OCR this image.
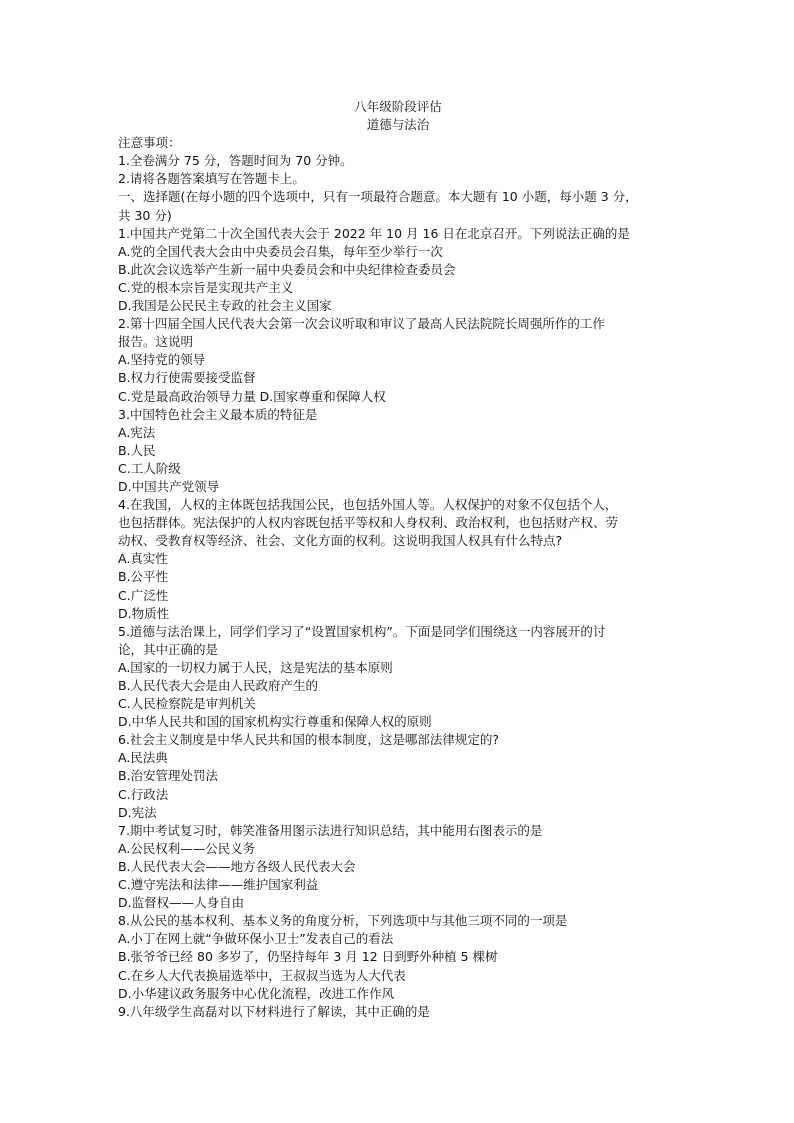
八年级阶段评估
道德与法治
注意事项：
1.全卷满分 75 分，答题时间为 70 分钟。
2.请将各题答案填写在答题卡上。
一、选择题(在每小题的四个选项中，只有一项最符合题意。本大题有 10 小题，每小题 3 分，
共 30 分)
1.中国共产党第二十次全国代表大会于 2022 年 10 月 16 日在北京召开。下列说法正确的是
A.党的全国代表大会由中央委员会召集，每年至少举行一次
B.此次会议选举产生新一届中央委员会和中央纪律检查委员会
C.党的根本宗旨是实现共产主义
D.我国是公民民主专政的社会主义国家
2.第十四届全国人民代表大会第一次会议听取和审议了最高人民法院院长周强所作的工作
报告。这说明
A.坚持党的领导
B.权力行使需要接受监督
C.党是最高政治领导力量 D.国家尊重和保障人权
3.中国特色社会主义最本质的特征是
A.宪法
B.人民
C.工人阶级
D.中国共产党领导
4.在我国，人权的主体既包括我国公民，也包括外国人等。人权保护的对象不仅包括个人，
也包括群体。宪法保护的人权内容既包括平等权和人身权利、政治权利，也包括财产权、劳
动权、受教育权等经济、社会、文化方面的权利。这说明我国人权具有什么特点?
A.真实性
B.公平性
C.广泛性
D.物质性
5.道德与法治课上，同学们学习了“设置国家机构”。下面是同学们围绕这一内容展开的讨
论，其中正确的是
A.国家的一切权力属于人民，这是宪法的基本原则
B.人民代表大会是由人民政府产生的
C.人民检察院是审判机关
D.中华人民共和国的国家机构实行尊重和保障人权的原则
6.社会主义制度是中华人民共和国的根本制度，这是哪部法律规定的?
A.民法典
B.治安管理处罚法
C.行政法
D.宪法
7.期中考试复习时，韩笑准备用图示法进行知识总结，其中能用右图表示的是
A.公民权利——公民义务
B.人民代表大会——地方各级人民代表大会
C.遵守宪法和法律——维护国家利益
D.监督权——人身自由
8.从公民的基本权利、基本义务的角度分析，下列选项中与其他三项不同的一项是
A.小丁在网上就“争做环保小卫士”发表自己的看法
B.张爷爷已经 80 多岁了，仍坚持每年 3 月 12 日到野外种植 5 棵树
C.在乡人大代表换届选举中，王叔叔当选为人大代表
D.小华建议政务服务中心优化流程，改进工作作风
9.八年级学生高磊对以下材料进行了解读，其中正确的是
